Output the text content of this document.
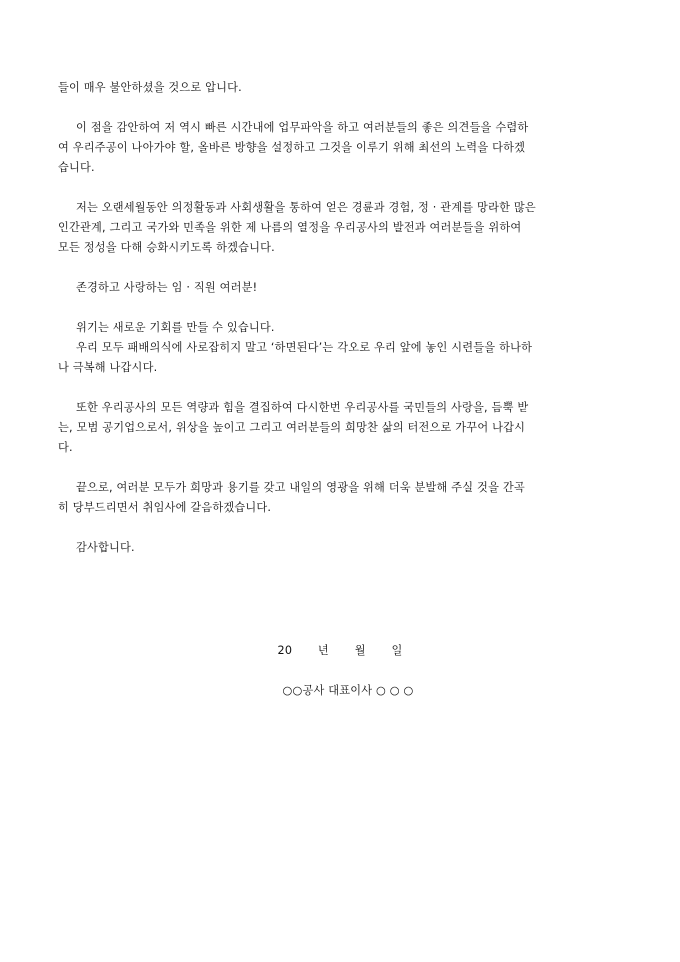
들이 매우 불안하셨을 것으로 압니다.

이 점을 감안하여 저 역시 빠른 시간내에 업무파악을 하고 여러분들의 좋은 의견들을 수렴하
여 우리주공이 나아가야 할, 올바른 방향을 설정하고 그것을 이루기 위해 최선의 노력을 다하겠
습니다.

저는 오랜세월동안 의정활동과 사회생활을 통하여 얻은 경륜과 경험, 정 · 관계를 망라한 많은
인간관계, 그리고 국가와 민족을 위한 제 나름의 열정을 우리공사의 발전과 여러분들을 위하여
모든 정성을 다해 승화시키도록 하겠습니다.

존경하고 사랑하는 임 · 직원 여러분!

위기는 새로운 기회를 만들 수 있습니다.

우리 모두 패배의식에 사로잡히지 말고 ‘하면된다’는 각오로 우리 앞에 놓인 시련들을 하나하
나 극복해 나갑시다.

또한 우리공사의 모든 역량과 힘을 결집하여 다시한번 우리공사를 국민들의 사랑을, 듬뿍 받
는, 모범 공기업으로서, 위상을 높이고 그리고 여러분들의 희망찬 삶의 터전으로 가꾸어 나갑시
다.

끝으로, 여러분 모두가 희망과 용기를 갖고 내일의 영광을 위해 더욱 분발해 주실 것을 간곡
히 당부드리면서 취임사에 갈음하겠습니다.

감사합니다.

20 년 월 일
○○공사 대표이사 ○ ○ ○
